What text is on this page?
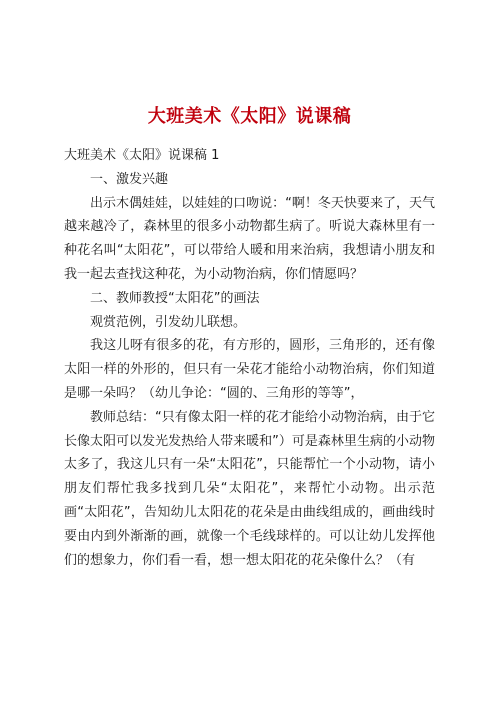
大班美术《太阳》说课稿

大班美术《太阳》说课稿 1

一、激发兴趣

出示木偶娃娃，以娃娃的口吻说：“啊！冬天快要来了，天气越来越冷了，森林里的很多小动物都生病了。听说大森林里有一种花名叫“太阳花”，可以带给人暖和用来治病，我想请小朋友和我一起去查找这种花，为小动物治病，你们情愿吗？

二、教师教授“太阳花”的画法

观赏范例，引发幼儿联想。

我这儿呀有很多的花，有方形的，圆形，三角形的，还有像太阳一样的外形的，但只有一朵花才能给小动物治病，你们知道是哪一朵吗？（幼儿争论：“圆的、三角形的等等”，

教师总结：“只有像太阳一样的花才能给小动物治病，由于它长像太阳可以发光发热给人带来暖和”）可是森林里生病的小动物太多了，我这儿只有一朵“太阳花”，只能帮忙一个小动物，请小朋友们帮忙我多找到几朵“太阳花”，来帮忙小动物。出示范画“太阳花”，告知幼儿太阳花的花朵是由曲线组成的，画曲线时要由内到外渐渐的画，就像一个毛线球样的。可以让幼儿发挥他们的想象力，你们看一看，想一想太阳花的花朵像什么？（有
